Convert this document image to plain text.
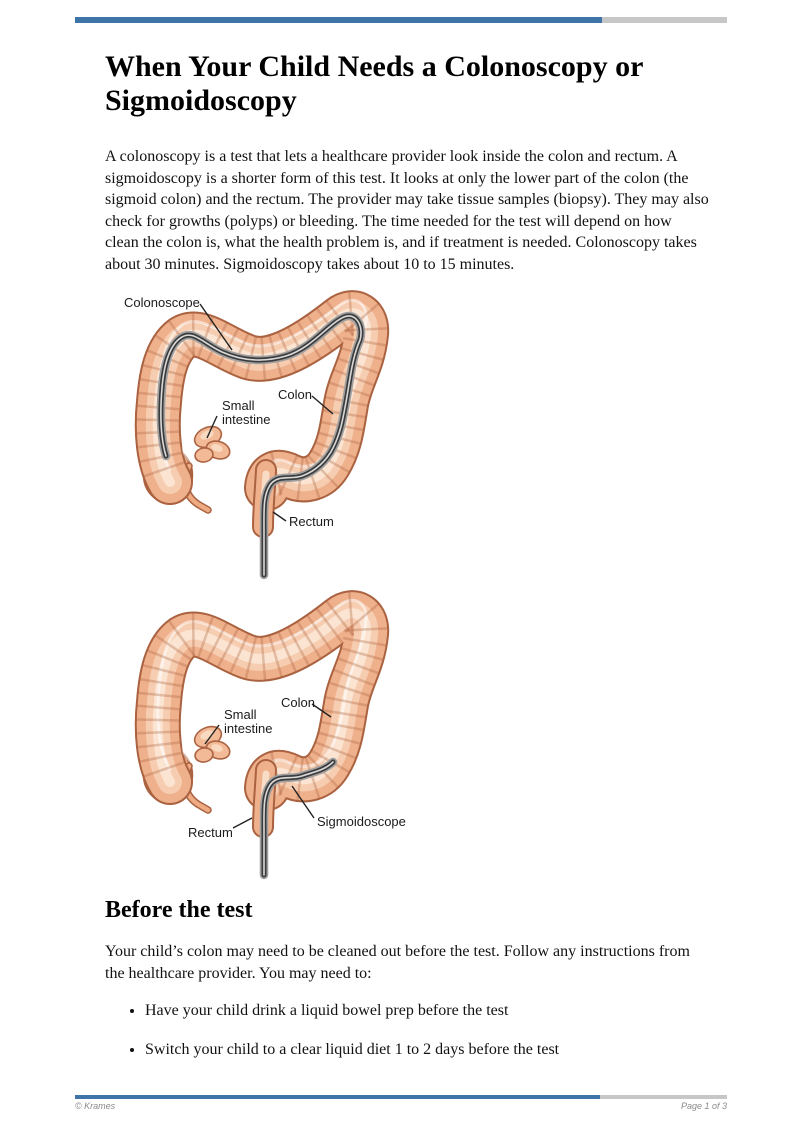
When Your Child Needs a Colonoscopy or Sigmoidoscopy

A colonoscopy is a test that lets a healthcare provider look inside the colon and rectum. A sigmoidoscopy is a shorter form of this test. It looks at only the lower part of the colon (the sigmoid colon) and the rectum. The provider may take tissue samples (biopsy). They may also check for growths (polyps) or bleeding. The time needed for the test will depend on how clean the colon is, what the health problem is, and if treatment is needed. Colonoscopy takes about 30 minutes. Sigmoidoscopy takes about 10 to 15 minutes.

Colonoscope
Colon
Small
intestine
Rectum
Colon
Small
intestine
Rectum
Sigmoidoscope
Before the test

Your child’s colon may need to be cleaned out before the test. Follow any instructions from the healthcare provider. You may need to:

• Have your child drink a liquid bowel prep before the test
• Switch your child to a clear liquid diet 1 to 2 days before the test
© Krames	Page 1 of 3
